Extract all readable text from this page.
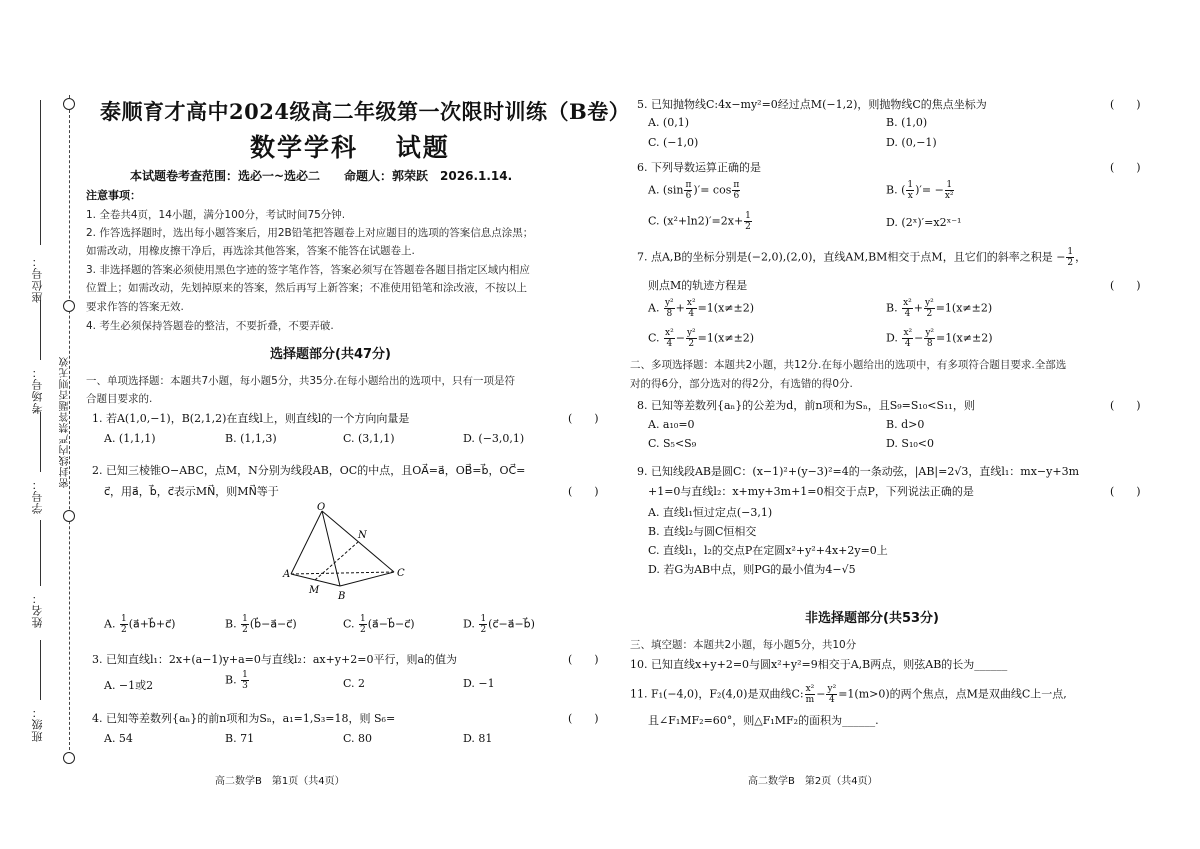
座位号：
考场号：
学号：
姓名：
班级：
密封线内严禁答题否则无效
泰顺育才高中2024级高二年级第一次限时训练（B卷）
数学学科　 试题
本试题卷考查范围：选必一~选必二　　命题人：郭荣跃　2026.1.14.
注意事项：
1. 全卷共4页，14小题，满分100分，考试时间75分钟.
2. 作答选择题时，选出每小题答案后，用2B铅笔把答题卷上对应题目的选项的答案信息点涂黑；
如需改动，用橡皮擦干净后，再选涂其他答案，答案不能答在试题卷上.
3. 非选择题的答案必须使用黑色字迹的签字笔作答，答案必须写在答题卷各题目指定区域内相应
位置上；如需改动，先划掉原来的答案，然后再写上新答案；不准使用铅笔和涂改液，不按以上
要求作答的答案无效.
4. 考生必须保持答题卷的整洁，不要折叠，不要弄破.
选择题部分(共47分)
一、单项选择题：本题共7小题，每小题5分，共35分.在每小题给出的选项中，只有一项是符
合题目要求的.
1. 若A(1,0,−1)，B(2,1,2)在直线l上，则直线l的一个方向向量是	(　　)
A. (1,1,1)	B. (1,1,3)	C. (3,1,1)	D. (−3,0,1)
2. 已知三棱锥O−ABC，点M，N分别为线段AB，OC的中点，且OA⃗=a⃗，OB⃗=b⃗，OC⃗=
c⃗，用a⃗，b⃗，c⃗表示MN⃗，则MN⃗等于	(　　)
O
N
A	C
M
B
A. $\frac{1}{2}$ (a⃗+b⃗+c⃗)	B. $\frac{1}{2}$ (b⃗−a⃗−c⃗)	C. $\frac{1}{2}$ (a⃗−b⃗−c⃗)	D. $\frac{1}{2}$ (c⃗−a⃗−b⃗)
3. 已知直线l₁：2x+(a−1)y+a=0与直线l₂：ax+y+2=0平行，则a的值为	(　　)
A. −1或2	B. $\frac{1}{3}$	C. 2	D. −1
4. 已知等差数列{aₙ}的前n项和为Sₙ，a₁=1,S₃=18，则 S₆=	(　　)
A. 54	B. 71	C. 80	D. 81
高二数学B　第1页（共4页）
5. 已知抛物线C:4x−my²=0经过点M(−1,2)，则抛物线C的焦点坐标为	(　　)
A. (0,1)	B. (1,0)
C. (−1,0)	D. (0,−1)
6. 下列导数运算正确的是	(　　)
A. ($\sin \frac{\pi}{6}$ )′= $\cos \frac{\pi}{6}$	B. ( $\frac{1}{x}$ )′= − $\frac{1}{\text{x²}}$
C. $(x^2+\ln 2)'=2x+ \frac{1}{2}$	D. (2ˣ)′=x2ˣ⁻¹
7. 点A,B的坐标分别是(−2,0),(2,0)，直线AM,BM相交于点M，且它们的斜率之积是 − $\frac{1}{2}$ ，
则点M的轨迹方程是	(　　)
A. $\frac{\text{y²}}{8} + \frac{\text{x²}}{4} =1(x\ne\pm 2)$	B. $\frac{\text{x²}}{4} + \frac{\text{y²}}{2} =1(x\ne\pm 2)$
C. $\frac{\text{x²}}{4} - \frac{\text{y²}}{2} =1(x\ne\pm 2)$	D. $\frac{\text{x²}}{4} - \frac{\text{y²}}{8} =1(x\ne\pm 2)$
二、多项选择题：本题共2小题，共12分.在每小题给出的选项中，有多项符合题目要求.全部选
对的得6分，部分选对的得2分，有选错的得0分.
8. 已知等差数列{aₙ}的公差为d，前n项和为Sₙ，且S₉=S₁₀<S₁₁，则	(　　)
A. a₁₀=0	B. d>0
C. S₅<S₉	D. S₁₀<0
9. 已知线段AB是圆C：(x−1)²+(y−3)²=4的一条动弦，|AB|=2√3，直线l₁：mx−y+3m
+1=0与直线l₂：x+my+3m+1=0相交于点P，下列说法正确的是	(　　)
A. 直线l₁恒过定点(−3,1)
B. 直线l₂与圆C恒相交
C. 直线l₁，l₂的交点P在定圆x²+y²+4x+2y=0上
D. 若G为AB中点，则PG的最小值为4−√5
非选择题部分(共53分)
三、填空题：本题共2小题，每小题5分，共10分
10. 已知直线x+y+2=0与圆x²+y²=9相交于A,B两点，则弦AB的长为______
11. F₁(−4,0)，F₂(4,0)是双曲线C: $\frac{\text{x²}}{m} - \frac{\text{y²}}{4} =1(m>0)$的两个焦点，点M是双曲线C上一点,
且∠F₁MF₂=60°，则△F₁MF₂的面积为______.
高二数学B　第2页（共4页）
